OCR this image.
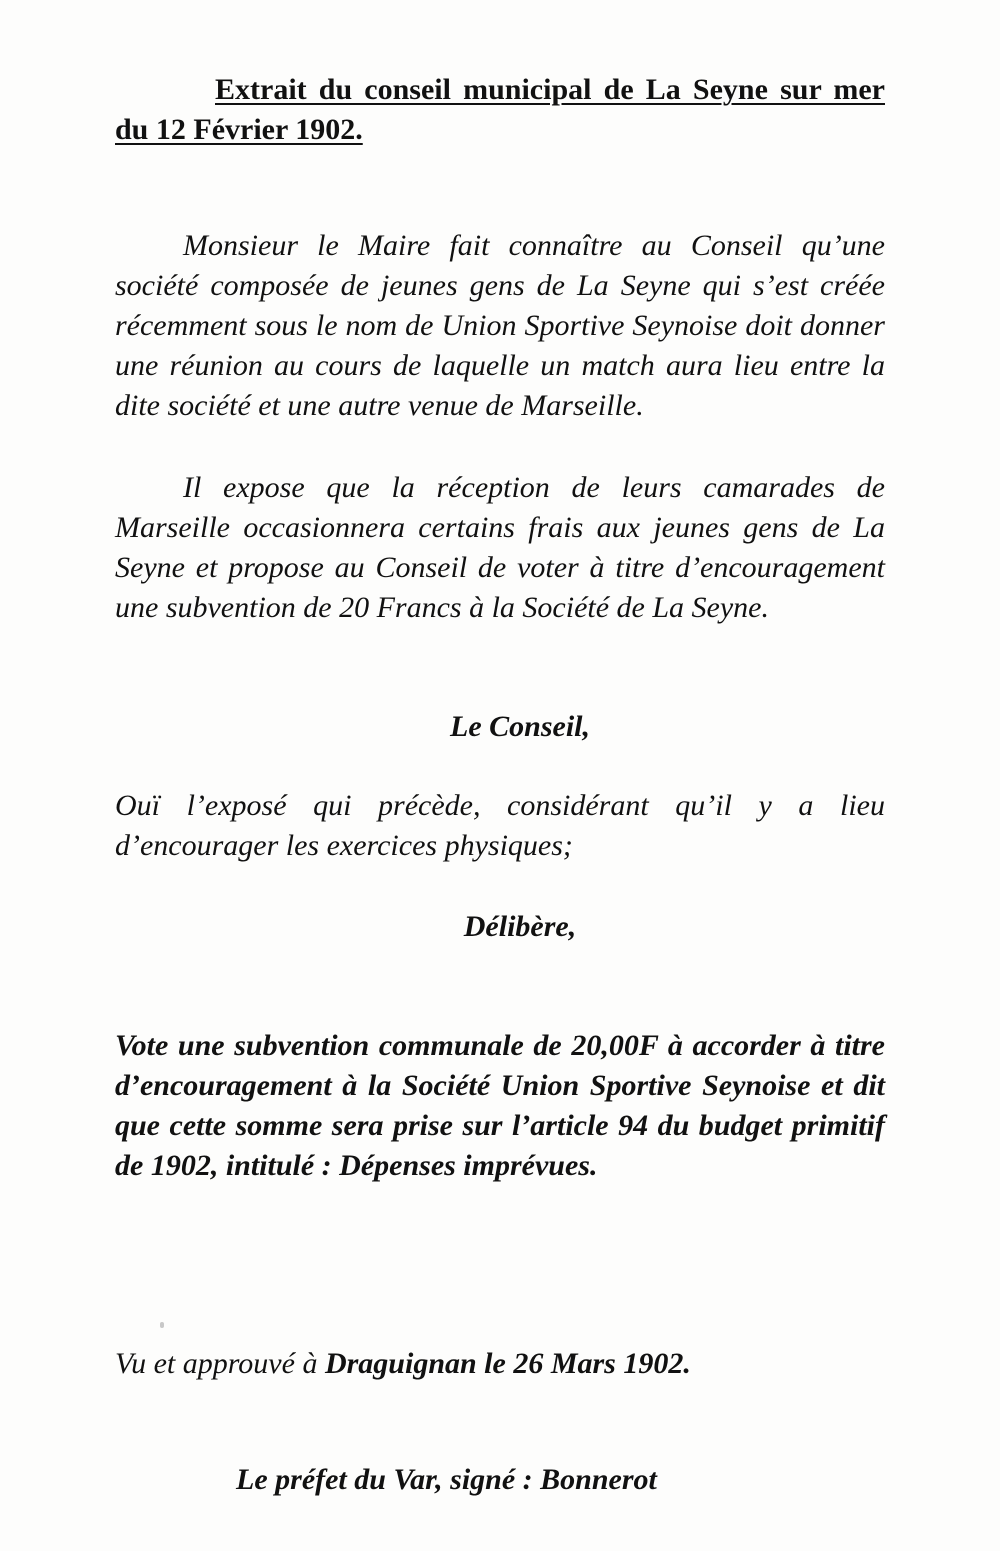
Extrait du conseil municipal de La Seyne sur mer du 12 Février 1902.

Monsieur le Maire fait connaître au Conseil qu’une société composée de jeunes gens de La Seyne qui s’est créée récemment sous le nom de Union Sportive Seynoise doit donner une réunion au cours de laquelle un match aura lieu entre la dite société et une autre venue de Marseille.

Il expose que la réception de leurs camarades de Marseille occasionnera certains frais aux jeunes gens de La Seyne et propose au Conseil de voter à titre d’encouragement une subvention de 20 Francs à la Société de La Seyne.

Le Conseil,
Ouï l’exposé qui précède, considérant qu’il y a lieu d’encourager les exercices physiques;
Délibère,
Vote une subvention communale de 20,00F à accorder à titre d’encouragement à la Société Union Sportive Seynoise et dit que cette somme sera prise sur l’article 94 du budget primitif de 1902, intitulé : Dépenses imprévues.
Vu et approuvé à Draguignan le 26 Mars 1902.
Le préfet du Var, signé : Bonnerot
